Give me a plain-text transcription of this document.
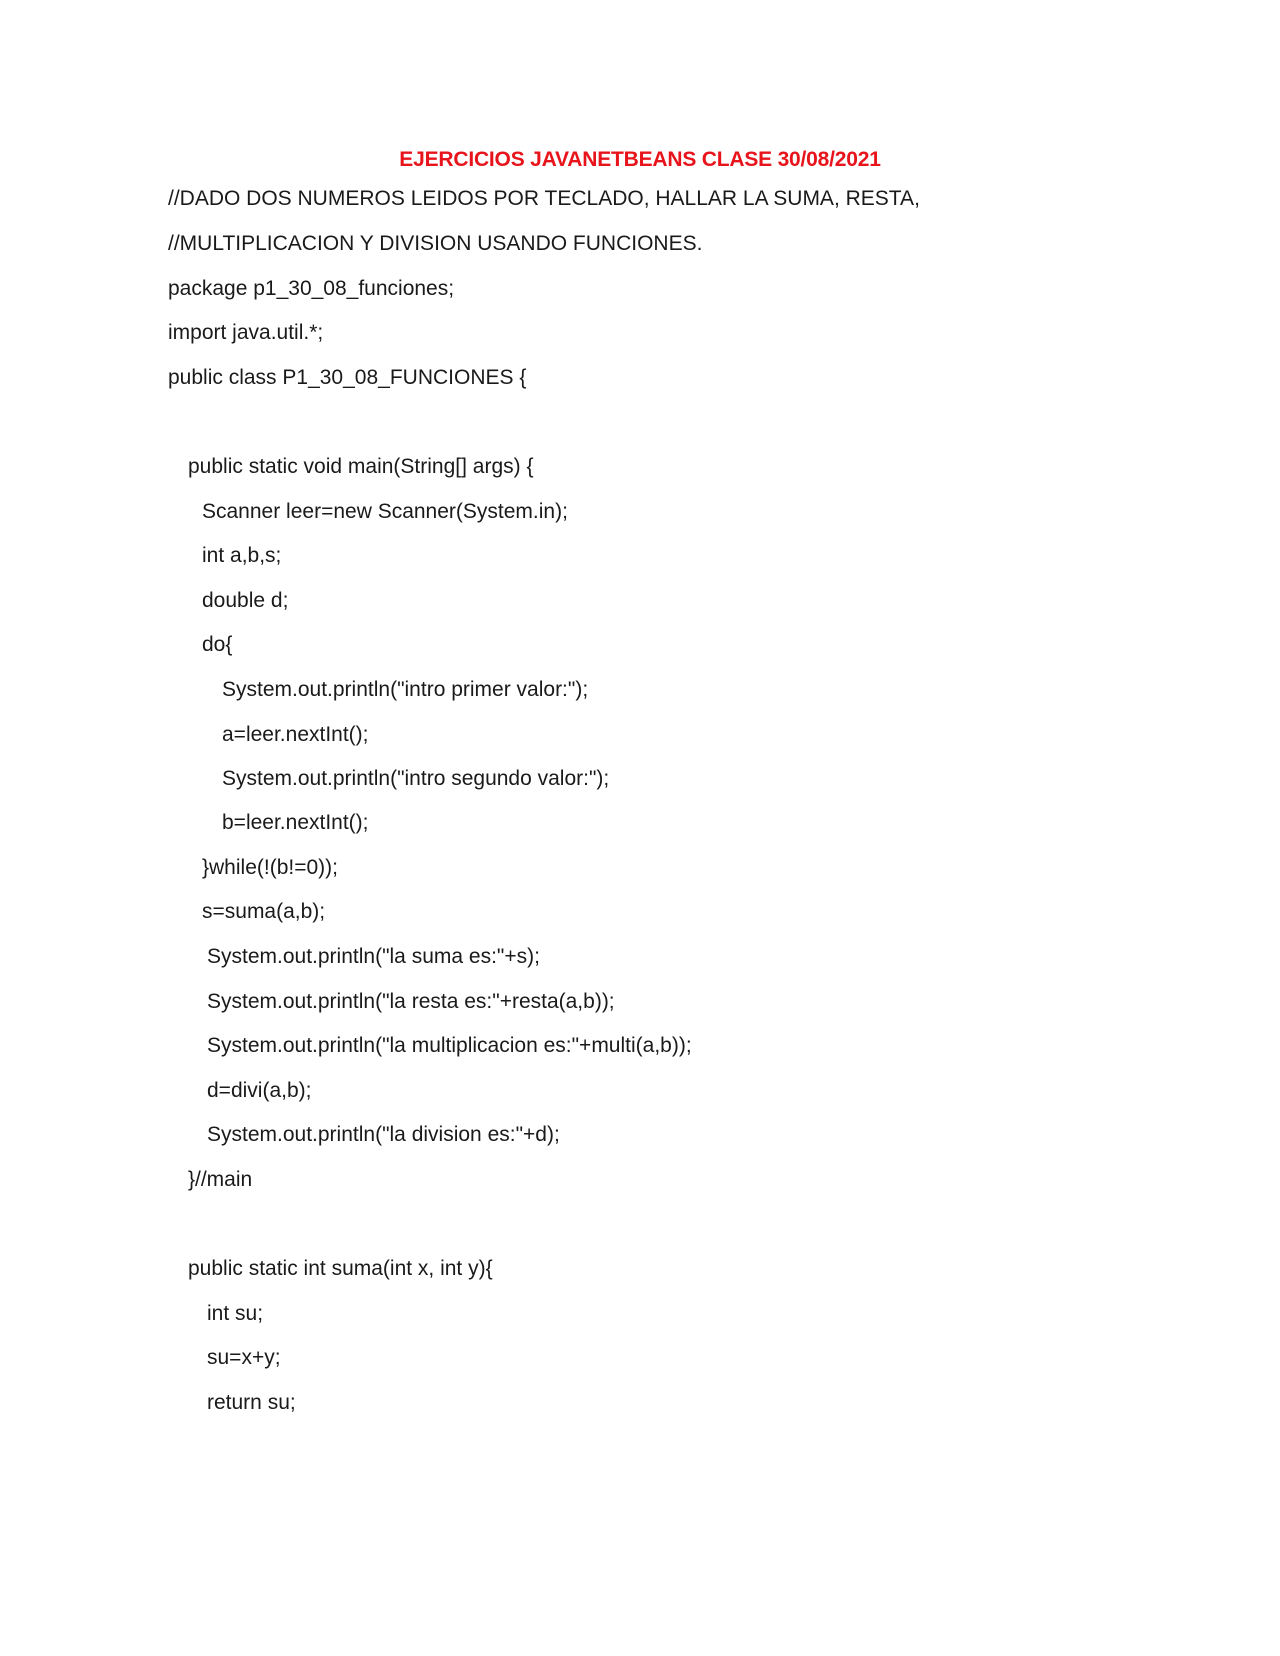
EJERCICIOS JAVANETBEANS CLASE 30/08/2021
//DADO DOS NUMEROS LEIDOS POR TECLADO, HALLAR LA SUMA, RESTA,
//MULTIPLICACION Y DIVISION USANDO FUNCIONES.
package p1_30_08_funciones;
import java.util.*;
public class P1_30_08_FUNCIONES {
public static void main(String[] args) {
Scanner leer=new Scanner(System.in);
int a,b,s;
double d;
do{
System.out.println("intro primer valor:");
a=leer.nextInt();
System.out.println("intro segundo valor:");
b=leer.nextInt();
}while(!(b!=0));
s=suma(a,b);
System.out.println("la suma es:"+s);
System.out.println("la resta es:"+resta(a,b));
System.out.println("la multiplicacion es:"+multi(a,b));
d=divi(a,b);
System.out.println("la division es:"+d);
}//main
public static int suma(int x, int y){
int su;
su=x+y;
return su;
